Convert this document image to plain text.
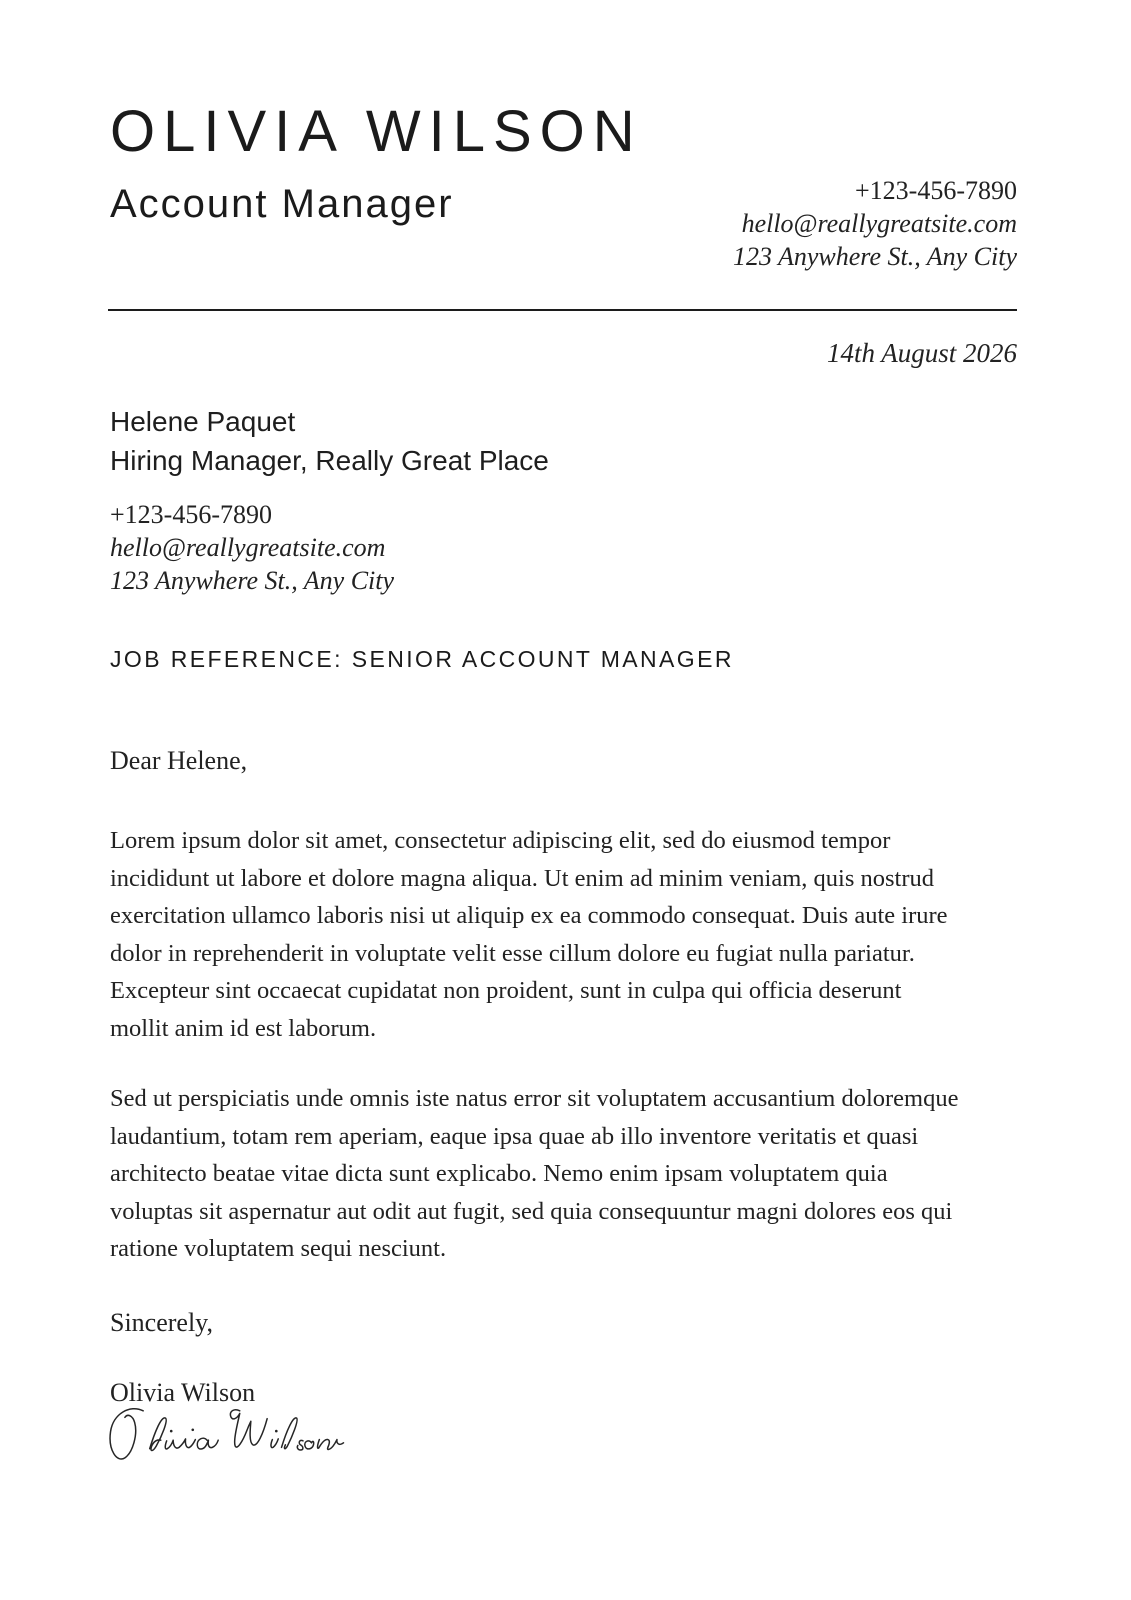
OLIVIA WILSON
Account Manager	+123-456-7890
hello@reallygreatsite.com
123 Anywhere St., Any City
14th August 2026
Helene Paquet
Hiring Manager, Really Great Place
+123-456-7890
hello@reallygreatsite.com
123 Anywhere St., Any City
JOB REFERENCE: SENIOR ACCOUNT MANAGER
Dear Helene,
Lorem ipsum dolor sit amet, consectetur adipiscing elit, sed do eiusmod tempor
incididunt ut labore et dolore magna aliqua. Ut enim ad minim veniam, quis nostrud
exercitation ullamco laboris nisi ut aliquip ex ea commodo consequat. Duis aute irure
dolor in reprehenderit in voluptate velit esse cillum dolore eu fugiat nulla pariatur.
Excepteur sint occaecat cupidatat non proident, sunt in culpa qui officia deserunt
mollit anim id est laborum.
Sed ut perspiciatis unde omnis iste natus error sit voluptatem accusantium doloremque
laudantium, totam rem aperiam, eaque ipsa quae ab illo inventore veritatis et quasi
architecto beatae vitae dicta sunt explicabo. Nemo enim ipsam voluptatem quia
voluptas sit aspernatur aut odit aut fugit, sed quia consequuntur magni dolores eos qui
ratione voluptatem sequi nesciunt.
Sincerely,
Olivia Wilson
